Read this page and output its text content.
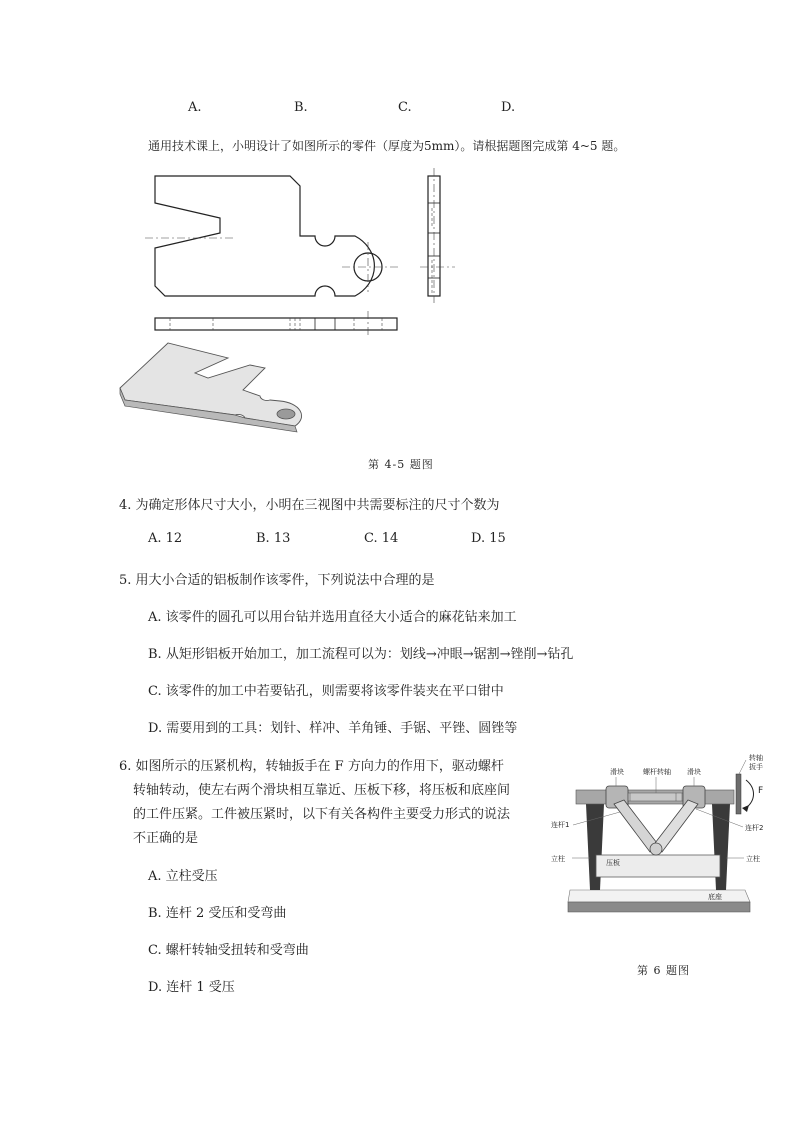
A.	B.	C.	D.
通用技术课上，小明设计了如图所示的零件（厚度为5mm）。请根据题图完成第 4~5 题。
第 4-5 题图
4. 为确定形体尺寸大小，小明在三视图中共需要标注的尺寸个数为
A. 12	B. 13	C. 14	D. 15
5. 用大小合适的铝板制作该零件，下列说法中合理的是
A. 该零件的圆孔可以用台钻并选用直径大小适合的麻花钻来加工
B. 从矩形铝板开始加工，加工流程可以为：划线→冲眼→锯割→锉削→钻孔
C. 该零件的加工中若要钻孔，则需要将该零件装夹在平口钳中
D. 需要用到的工具：划针、样冲、羊角锤、手锯、平锉、圆锉等
6. 如图所示的压紧机构，转轴扳手在 F 方向力的作用下，驱动螺杆
转轴转动，使左右两个滑块相互靠近、压板下移，将压板和底座间
的工件压紧。工件被压紧时，以下有关各构件主要受力形式的说法
不正确的是
A. 立柱受压
B. 连杆 2 受压和受弯曲
C. 螺杆转轴受扭转和受弯曲
D. 连杆 1 受压
滑块	螺杆转轴 滑块
转轴
扳手
F
连杆1	连杆2
立柱	立柱
压板
底座
第 6 题图
